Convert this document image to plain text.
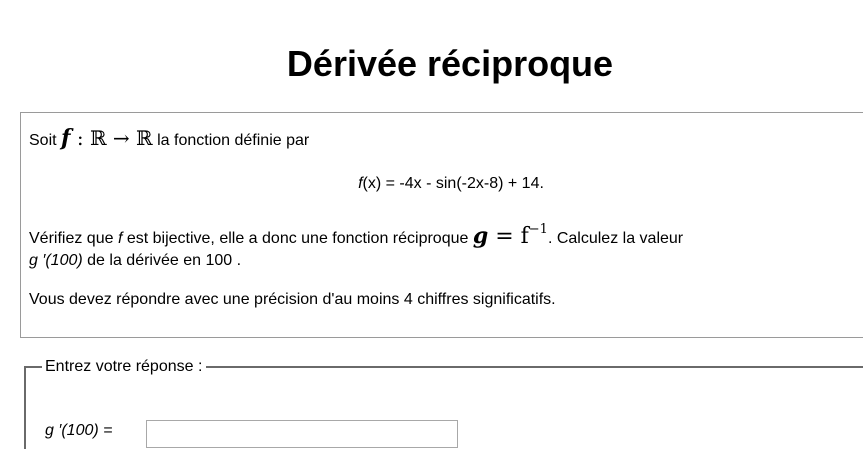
Dérivée réciproque

Soit f : ℝ → ℝ la fonction définie par

f(x) = -4x - sin(-2x-8) + 14.

Vérifiez que f est bijective, elle a donc une fonction réciproque $g = f^{-1}$. Calculez la valeur
g ′(100) de la dérivée en 100 .

Vous devez répondre avec une précision d'au moins 4 chiffres significatifs.

Entrez votre réponse :
g ′(100) =
